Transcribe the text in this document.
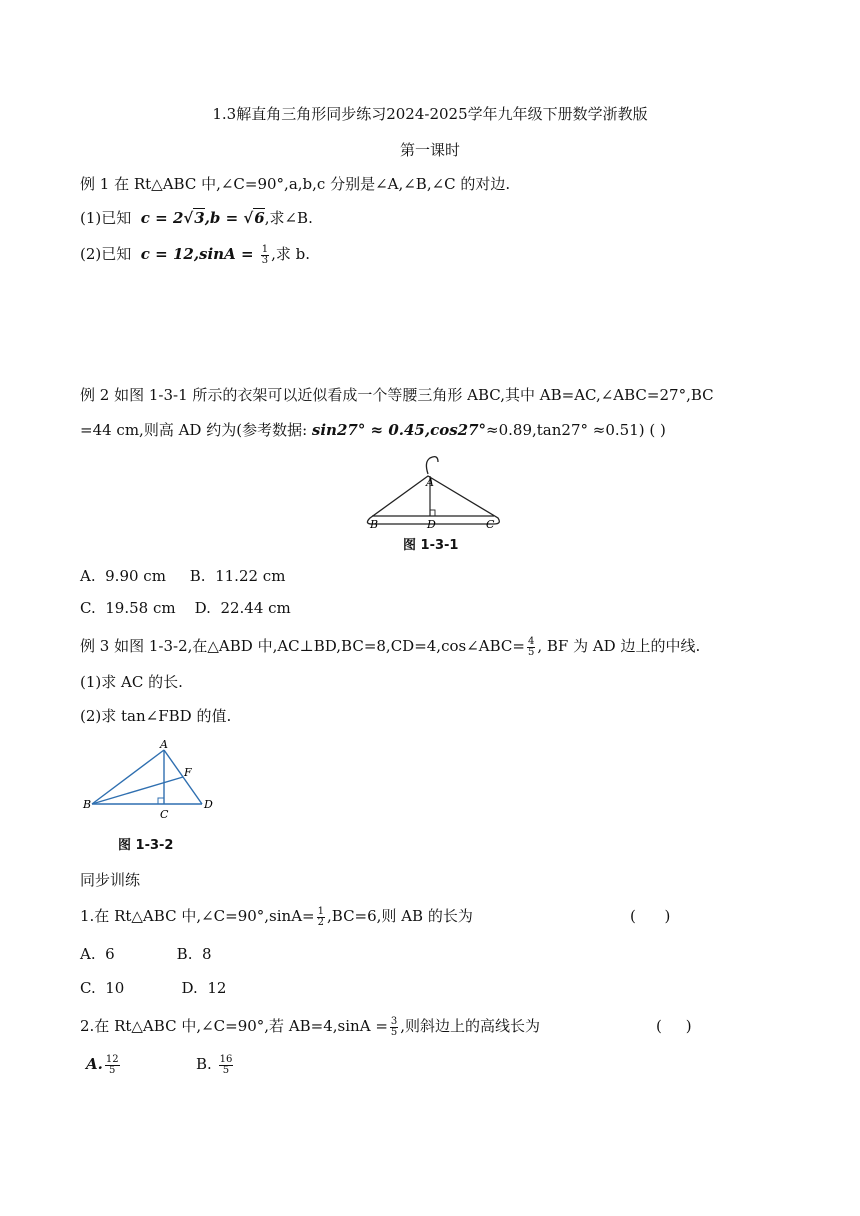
1.3解直角三角形同步练习2024-2025学年九年级下册数学浙教版
第一课时
例 1 在 Rt△ABC 中,∠C=90°,a,b,c 分别是∠A,∠B,∠C 的对边.
(1)已知 c = 2√3,b = √6,求∠B.
(2)已知 $c = 12,\sin A = \frac{1}{3}$ ,求 b.
例 2 如图 1-3-1 所示的衣架可以近似看成一个等腰三角形 ABC,其中 AB=AC,∠ABC=27°,BC
=44 cm,则高 AD 约为(参考数据: sin27° ≈ 0.45,cos27°≈0.89,tan27° ≈0.51) ( )
A
B	D	C
图 1-3-1
A.  9.90 cm     B.  11.22 cm
C.  19.58 cm    D.  22.44 cm
例 3 如图 1-3-2,在△ABD 中,AC⊥BD,BC=8,CD=4,cos∠ABC= $\frac{4}{5}$ , BF 为 AD 边上的中线.
(1)求 AC 的长.
(2)求 tan∠FBD 的值.
A
F
B
C
D
图 1-3-2
同步训练
1.在 Rt△ABC 中,∠C=90°,sinA= $\frac{1}{2} ,BC=6$,则 AB 的长为	(      )
A.  6             B.  8
C.  10            D.  12
2.在 Rt△ABC 中,∠C=90°,若 $AB=4,\sin A = \frac{3}{5}$ ,则斜边上的高线长为	(     )
A. $\frac{12}{5}$	B. $\frac{16}{5}$
